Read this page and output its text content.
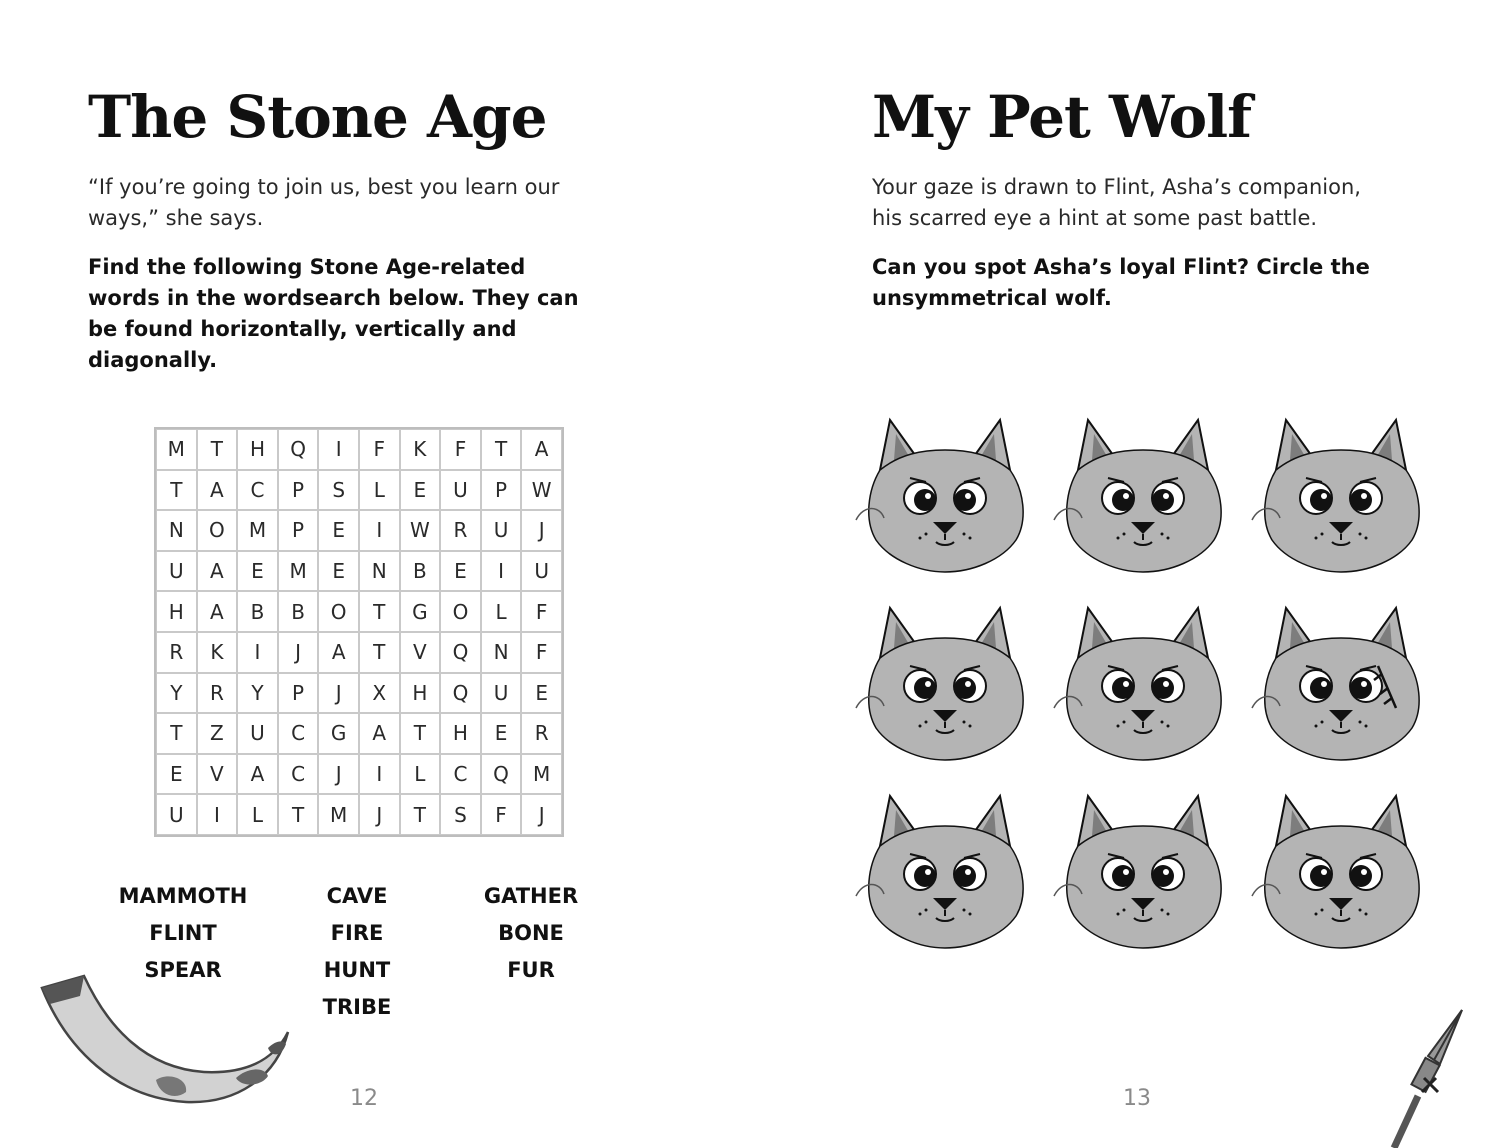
The Stone Age

“If you’re going to join us, best you learn our ways,” she says.

Find the following Stone Age-related words in the wordsearch below. They can be found horizontally, vertically and diagonally.

M	T	H	Q	I	F	K	F	T	A
T	A	C	P	S	L	E	U	P	W
N	O	M	P	E	I	W	R	U	J
U	A	E	M	E	N	B	E	I	U
H	A	B	B	O	T	G	O	L	F
R	K	I	J	A	T	V	Q	N	F
Y	R	Y	P	J	X	H	Q	U	E
T	Z	U	C	G	A	T	H	E	R
E	V	A	C	J	I	L	C	Q	M
U	I	L	T	M	J	T	S	F	J
MAMMOTH
FLINT
SPEAR
CAVE
FIRE
HUNT
TRIBE
GATHER
BONE
FUR
12
My Pet Wolf

Your gaze is drawn to Flint, Asha’s companion, his scarred eye a hint at some past battle.

Can you spot Asha’s loyal Flint? Circle the unsymmetrical wolf.

13
